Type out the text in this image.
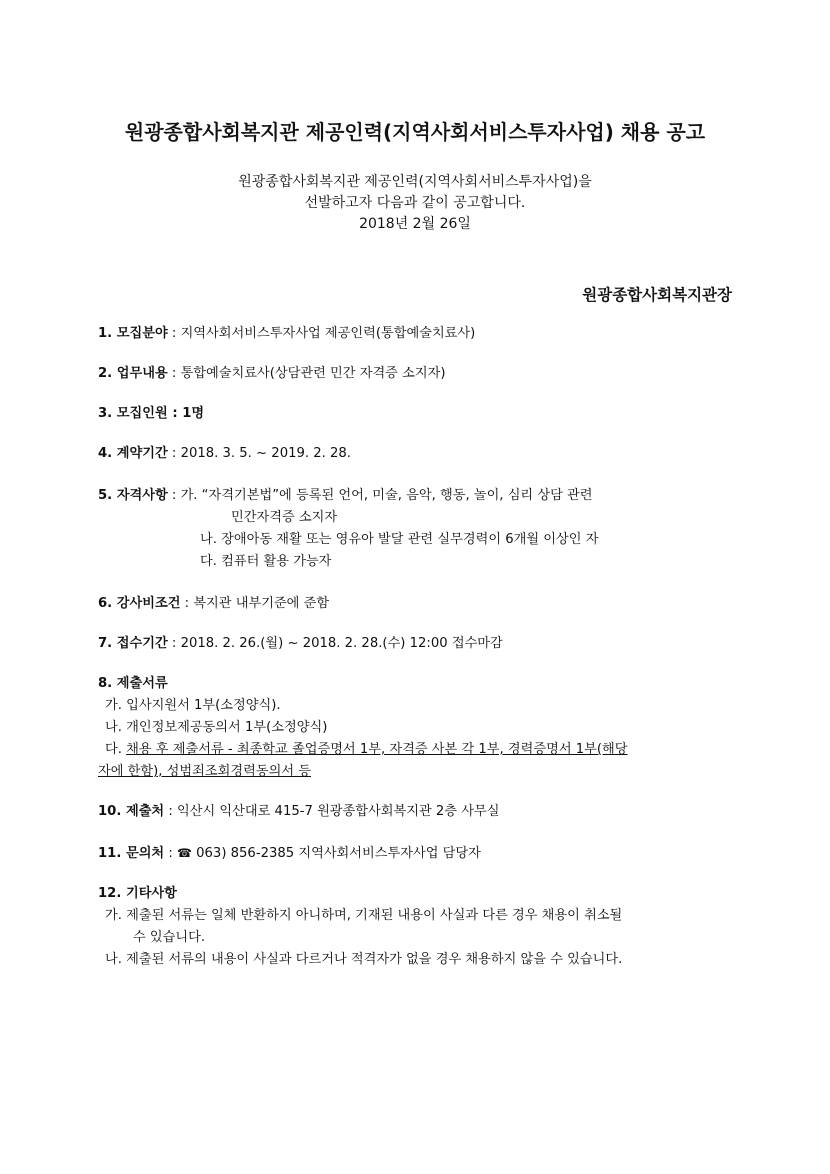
원광종합사회복지관 제공인력(지역사회서비스투자사업) 채용 공고
원광종합사회복지관 제공인력(지역사회서비스투자사업)을
선발하고자 다음과 같이 공고합니다.
2018년 2월 26일
원광종합사회복지관장
1. 모집분야 : 지역사회서비스투자사업 제공인력(통합예술치료사)
2. 업무내용 : 통합예술치료사(상담관련 민간 자격증 소지자)
3. 모집인원 : 1명
4. 계약기간 : 2018. 3. 5. ~ 2019. 2. 28.
5. 자격사항 : 가. “자격기본법”에 등록된 언어, 미술, 음악, 행동, 놀이, 심리 상담 관련
민간자격증 소지자
나. 장애아동 재활 또는 영유아 발달 관련 실무경력이 6개월 이상인 자
다. 컴퓨터 활용 가능자
6. 강사비조건 : 복지관 내부기준에 준함
7. 접수기간 : 2018. 2. 26.(월) ~ 2018. 2. 28.(수) 12:00 접수마감
8. 제출서류
가. 입사지원서 1부(소정양식).
나. 개인정보제공동의서 1부(소정양식)
다. 채용 후 제출서류 - 최종학교 졸업증명서 1부, 자격증 사본 각 1부, 경력증명서 1부(해당
자에 한함), 성범죄조회경력동의서 등
10. 제출처 : 익산시 익산대로 415-7 원광종합사회복지관 2층 사무실
11. 문의처 : ☎ 063) 856-2385 지역사회서비스투자사업 담당자
12. 기타사항
가. 제출된 서류는 일체 반환하지 아니하며, 기재된 내용이 사실과 다른 경우 채용이 취소될
수 있습니다.
나. 제출된 서류의 내용이 사실과 다르거나 적격자가 없을 경우 채용하지 않을 수 있습니다.
